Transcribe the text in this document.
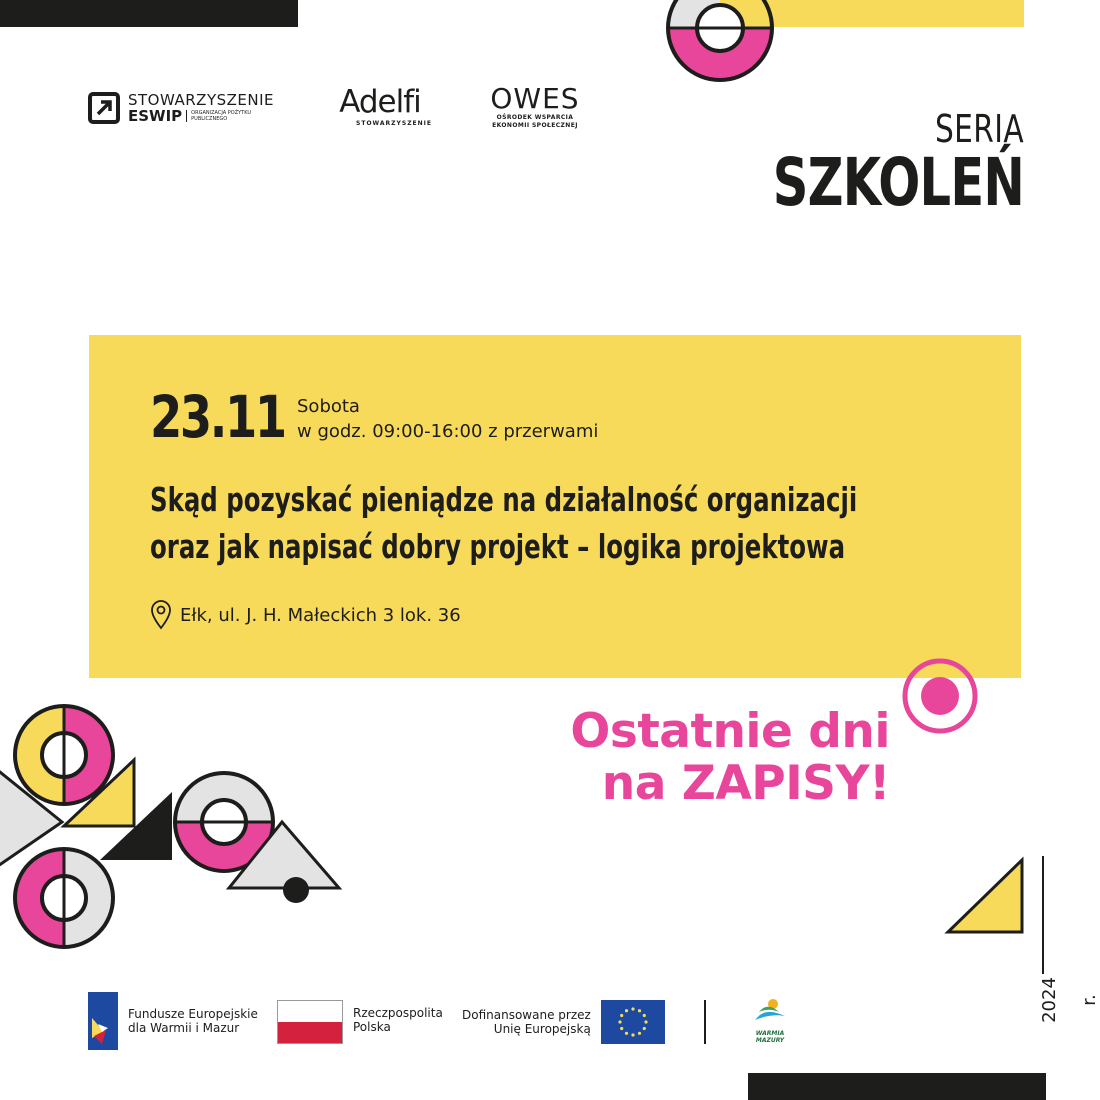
STOWARZYSZENIE
ESWIP	ORGANIZACJA POŻYTKU PUBLICZNEGO	Adelfi
STOWARZYSZENIE
OWES
OŚRODEK WSPARCIA
EKONOMII SPOŁECZNEJ	SERIA
SZKOLEŃ
23.11 Sobota
w godz. 09:00-16:00 z przerwami
Skąd pozyskać pieniądze na działalność organizacji
oraz jak napisać dobry projekt – logika projektowa
Ełk, ul. J. H. Małeckich 3 lok. 36
Ostatnie dni
na ZAPISY!
2024 r.
Fundusze Europejskie
dla Warmii i Mazur
Rzeczpospolita
Polska
Dofinansowane przez
Unię Europejską	WARMIA
MAZURY
